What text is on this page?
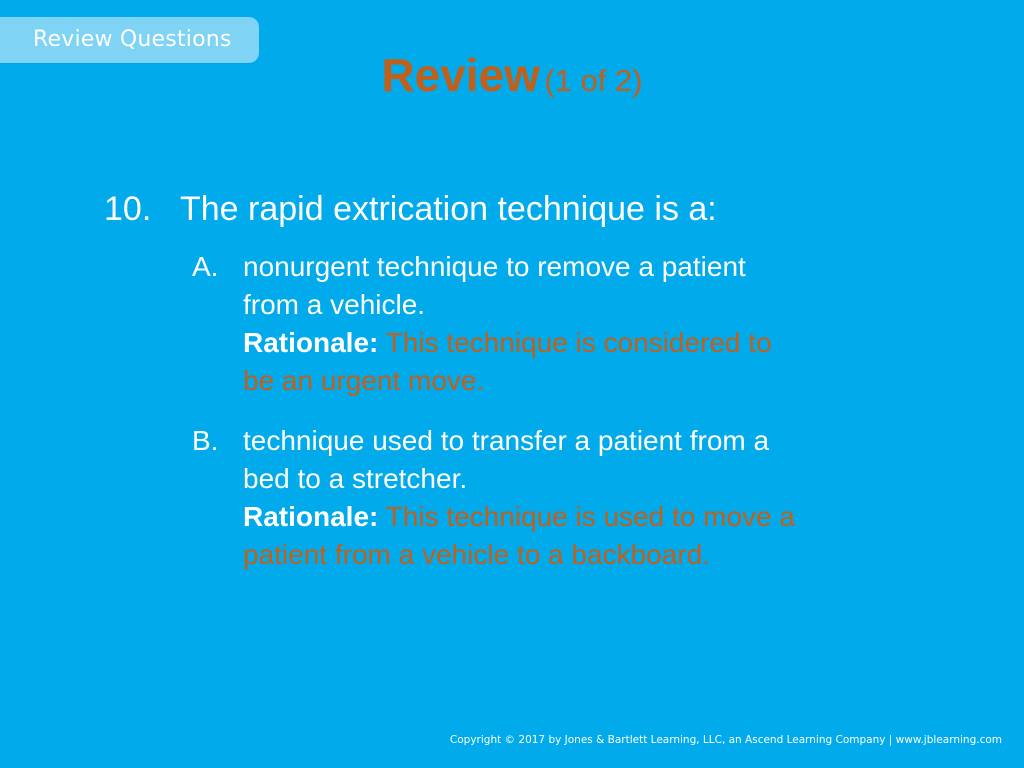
Review Questions
Review (1 of 2)
10. The rapid extrication technique is a:
A. nonurgent technique to remove a patient
from a vehicle.
Rationale: This technique is considered to
be an urgent move.
B. technique used to transfer a patient from a
bed to a stretcher.
Rationale: This technique is used to move a
patient from a vehicle to a backboard.
Copyright © 2017 by Jones & Bartlett Learning, LLC, an Ascend Learning Company | www.jblearning.com
